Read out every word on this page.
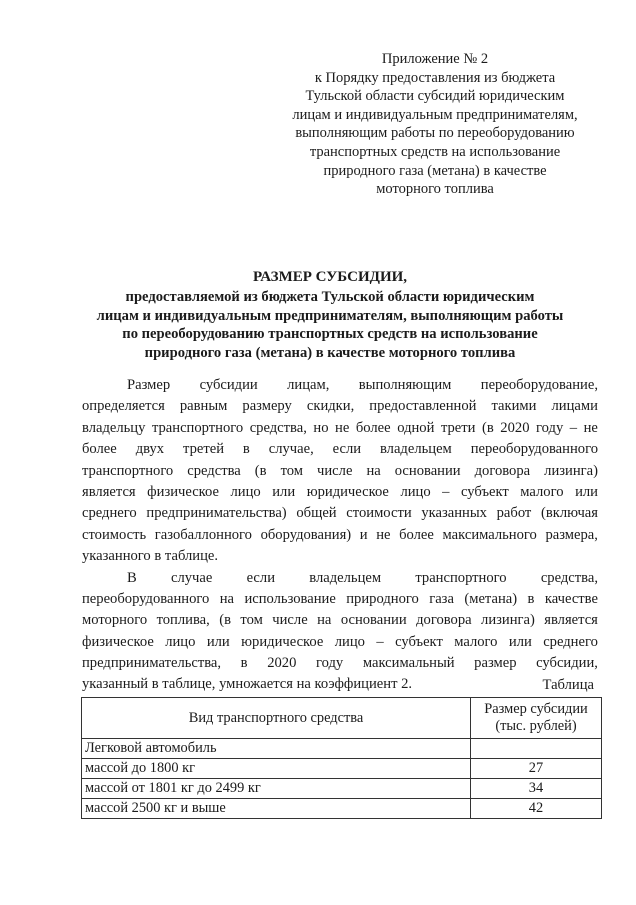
Приложение № 2
к Порядку предоставления из бюджета
Тульской области субсидий юридическим
лицам и индивидуальным предпринимателям,
выполняющим работы по переоборудованию
транспортных средств на использование
природного газа (метана) в качестве
моторного топлива
РАЗМЕР СУБСИДИИ,
предоставляемой из бюджета Тульской области юридическим
лицам и индивидуальным предпринимателям, выполняющим работы
по переоборудованию транспортных средств на использование
природного газа (метана) в качестве моторного топлива
Размер субсидии лицам, выполняющим переоборудование,
определяется равным размеру скидки, предоставленной такими лицами
владельцу транспортного средства, но не более одной трети (в 2020 году – не
более двух третей в случае, если владельцем переоборудованного
транспортного средства (в том числе на основании договора лизинга)
является физическое лицо или юридическое лицо – субъект малого или
среднего предпринимательства) общей стоимости указанных работ (включая
стоимость газобаллонного оборудования) и не более максимального размера,
указанного в таблице.
В случае если владельцем транспортного средства,
переоборудованного на использование природного газа (метана) в качестве
моторного топлива, (в том числе на основании договора лизинга) является
физическое лицо или юридическое лицо – субъект малого или среднего
предпринимательства, в 2020 году максимальный размер субсидии,
указанный в таблице, умножается на коэффициент 2.	Таблица
Вид транспортного средства	Размер субсидии
(тыс. рублей)

Легковой автомобиль	
массой до 1800 кг	27
массой от 1801 кг до 2499 кг	34
массой 2500 кг и выше	42
